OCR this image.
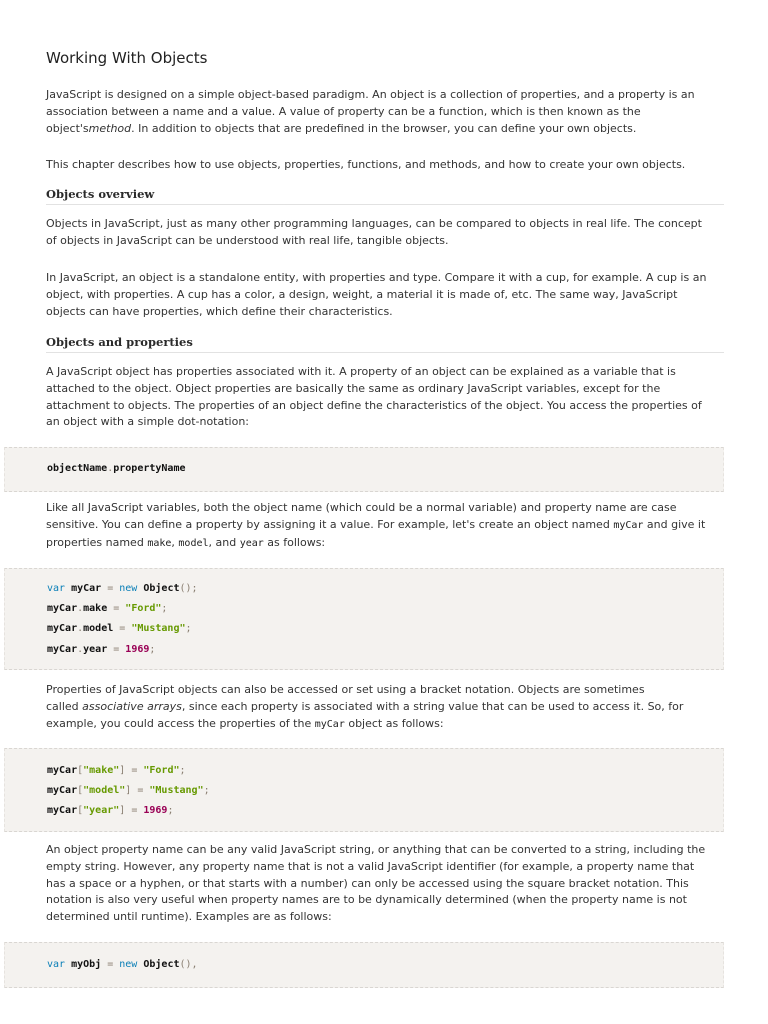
Working With Objects

JavaScript is designed on a simple object-based paradigm. An object is a collection of properties, and a property is an
association between a name and a value. A value of property can be a function, which is then known as the
object'smethod. In addition to objects that are predefined in the browser, you can define your own objects.

This chapter describes how to use objects, properties, functions, and methods, and how to create your own objects.

Objects overview

Objects in JavaScript, just as many other programming languages, can be compared to objects in real life. The concept
of objects in JavaScript can be understood with real life, tangible objects.

In JavaScript, an object is a standalone entity, with properties and type. Compare it with a cup, for example. A cup is an
object, with properties. A cup has a color, a design, weight, a material it is made of, etc. The same way, JavaScript
objects can have properties, which define their characteristics.

Objects and properties

A JavaScript object has properties associated with it. A property of an object can be explained as a variable that is
attached to the object. Object properties are basically the same as ordinary JavaScript variables, except for the
attachment to objects. The properties of an object define the characteristics of the object. You access the properties of
an object with a simple dot-notation:

objectName.propertyName

Like all JavaScript variables, both the object name (which could be a normal variable) and property name are case
sensitive. You can define a property by assigning it a value. For example, let's create an object named myCar and give it
properties named make, model, and year as follows:

var myCar = new Object();
myCar.make = "Ford";
myCar.model = "Mustang";
myCar.year = 1969;

Properties of JavaScript objects can also be accessed or set using a bracket notation. Objects are sometimes
called associative arrays, since each property is associated with a string value that can be used to access it. So, for
example, you could access the properties of the myCar object as follows:

myCar["make"] = "Ford";
myCar["model"] = "Mustang";
myCar["year"] = 1969;

An object property name can be any valid JavaScript string, or anything that can be converted to a string, including the
empty string. However, any property name that is not a valid JavaScript identifier (for example, a property name that
has a space or a hyphen, or that starts with a number) can only be accessed using the square bracket notation. This
notation is also very useful when property names are to be dynamically determined (when the property name is not
determined until runtime). Examples are as follows:

var myObj = new Object(),
